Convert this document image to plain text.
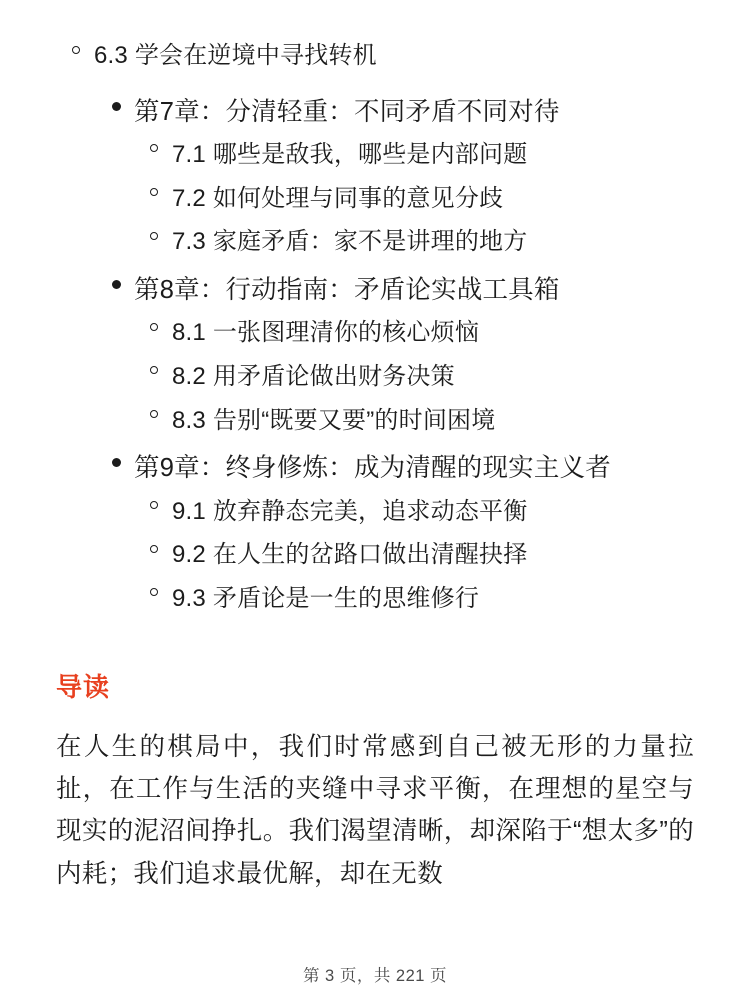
6.3 学会在逆境中寻找转机
第7章：分清轻重：不同矛盾不同对待
7.1 哪些是敌我，哪些是内部问题
7.2 如何处理与同事的意见分歧
7.3 家庭矛盾：家不是讲理的地方
第8章：行动指南：矛盾论实战工具箱
8.1 一张图理清你的核心烦恼
8.2 用矛盾论做出财务决策
8.3 告别“既要又要”的时间困境
第9章：终身修炼：成为清醒的现实主义者
9.1 放弃静态完美，追求动态平衡
9.2 在人生的岔路口做出清醒抉择
9.3 矛盾论是一生的思维修行
导读

在人生的棋局中，我们时常感到自己被无形的力量拉扯，在工作与生活的夹缝中寻求平衡，在理想的星空与现实的泥沼间挣扎。我们渴望清晰，却深陷于“想太多”的内耗；我们追求最优解，却在无数

第 3 页，共 221 页
